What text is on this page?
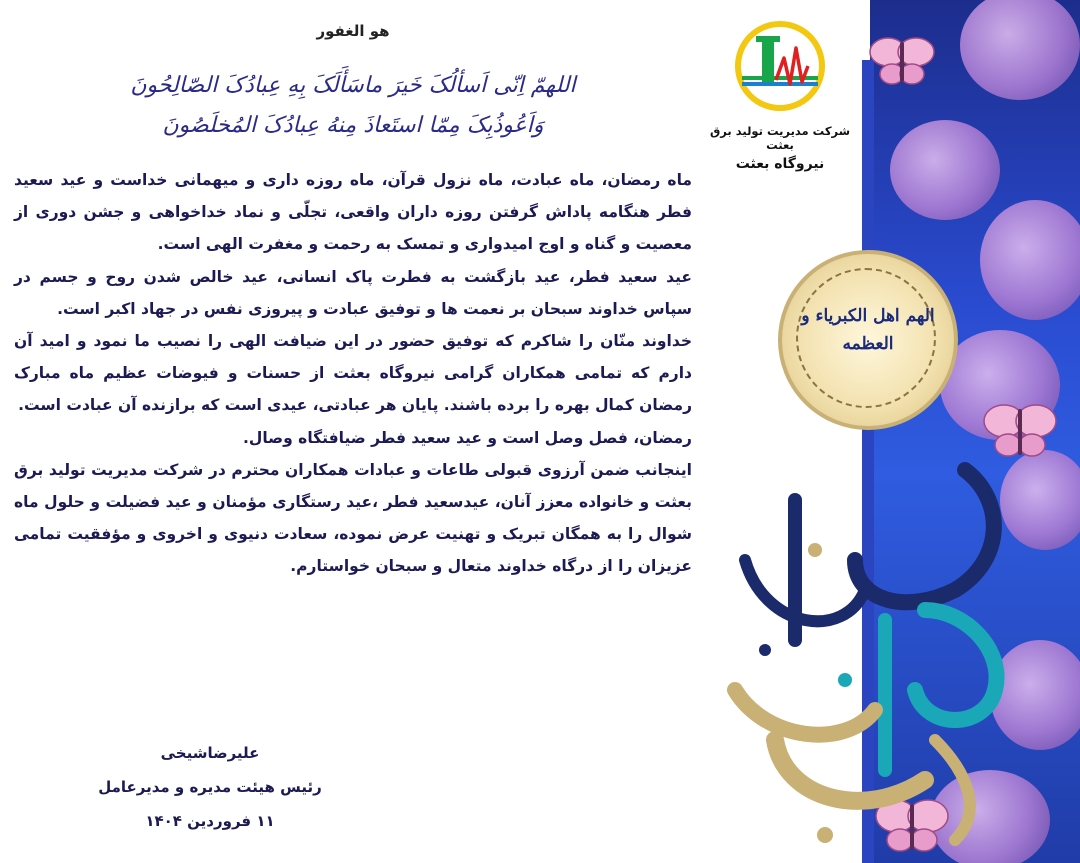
الهم اهل الکبریاء و العظمه
شرکت مدیریت تولید برق بعثت
نیروگاه بعثت
هو الغفور
اللهمّ اِنّی اَسألُکَ خَیرَ ماسَأَلَکَ بِهِ عِبادُکَ الصّالِحُونَ
وَاَعُوذُبِکَ مِمّا استَعاذَ مِنهُ عِبادُکَ المُخلَصُونَ

ماه رمضان، ماه عبادت، ماه نزول قرآن، ماه روزه داری و میهمانی خداست و عید سعید فطر هنگامه پاداش گرفتن روزه داران واقعی، تجلّی و نماد خداخواهی و جشن دوری از معصیت و گناه و اوج امیدواری و تمسک به رحمت و مغفرت الهی است.

عید سعید فطر، عید بازگشت به فطرت پاک انسانی، عید خالص شدن روح و جسم در سپاس خداوند سبحان بر نعمت ها و توفیق عبادت و پیروزی نفس در جهاد اکبر است.

خداوند منّان را شاکرم که توفیق حضور در این ضیافت الهی را نصیب ما نمود و امید آن دارم که تمامی همکاران گرامی نیروگاه بعثت از حسنات و فیوضات عظیم ماه مبارک رمضان کمال بهره را برده باشند. پایان هر عبادتی، عیدی است که برازنده آن عبادت است.

رمضان، فصل وصل است و عید سعید فطر ضیافتگاه وصال.

اینجانب ضمن آرزوی قبولی طاعات و عبادات همکاران محترم در شرکت مدیریت تولید برق بعثت و خانواده معزز آنان، عیدسعید فطر ،عید رستگاری مؤمنان و عید فضیلت و حلول ماه شوال را به همگان تبریک و تهنیت عرض نموده، سعادت دنیوی و اخروی و مؤفقیت تمامی عزیزان را از درگاه خداوند متعال و سبحان خواستارم.

علیرضاشیخی
رئیس هیئت مدیره و مدیرعامل
۱۱ فروردین ۱۴۰۴
